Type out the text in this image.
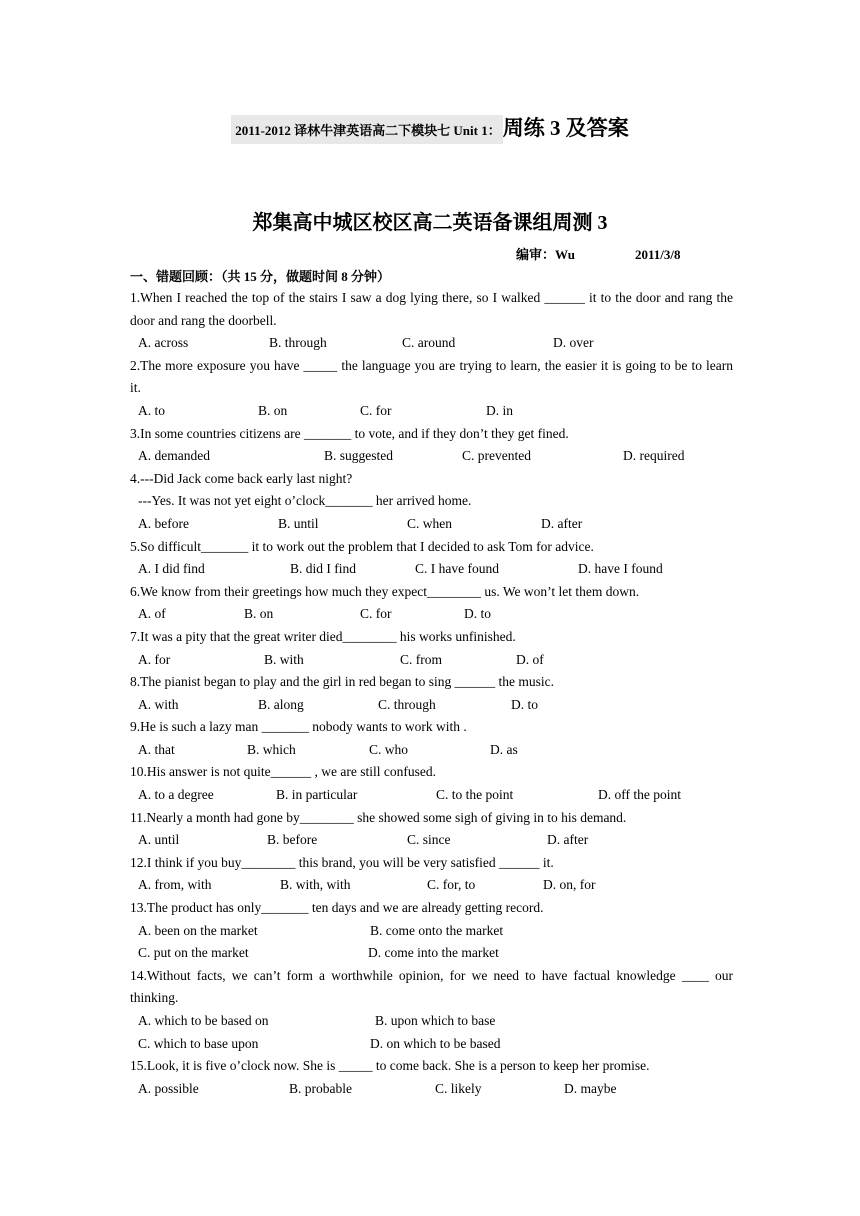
2011-2012 译林牛津英语高二下模块七 Unit 1：周练 3 及答案
郑集高中城区校区高二英语备课组周测 3
编审：Wu	2011/3/8
一、错题回顾：（共 15 分，做题时间 8 分钟）
1.When I reached the top of the stairs I saw a dog lying there, so I walked ______ it to the door and rang the door and rang the doorbell.
A. across	B. through	C. around	D. over
2.The more exposure you have _____ the language you are trying to learn, the easier it is going to be to learn it.
A. to	B. on	C. for	D. in
3.In some countries citizens are _______ to vote, and if they don’t they get fined.
A. demanded	B. suggested	C. prevented	D. required
4.---Did Jack come back early last night?
---Yes. It was not yet eight o’clock_______ her arrived home.
A. before	B. until	C. when	D. after
5.So difficult_______ it to work out the problem that I decided to ask Tom for advice.
A. I did find	B. did I find	C. I have found	D. have I found
6.We know from their greetings how much they expect________ us. We won’t let them down.
A. of	B. on	C. for	D. to
7.It was a pity that the great writer died________ his works unfinished.
A. for	B. with	C. from	D. of
8.The pianist began to play and the girl in red began to sing ______ the music.
A. with	B. along	C. through	D. to
9.He is such a lazy man _______ nobody wants to work with .
A. that	B. which	C. who	D. as
10.His answer is not quite______ , we are still confused.
A. to a degree	B. in particular	C. to the point	D. off the point
11.Nearly a month had gone by________ she showed some sigh of giving in to his demand.
A. until	B. before	C. since	D. after
12.I think if you buy________ this brand, you will be very satisfied ______ it.
A. from, with	B. with, with	C. for, to	D. on, for
13.The product has only_______ ten days and we are already getting record.
A. been on the market	B. come onto the market
C. put on the market	D. come into the market
14.Without facts, we can’t form a worthwhile opinion, for we need to have factual knowledge ____ our thinking.
A. which to be based on	B. upon which to base
C. which to base upon	D. on which to be based
15.Look, it is five o’clock now. She is _____ to come back. She is a person to keep her promise.
A. possible	B. probable	C. likely	D. maybe
